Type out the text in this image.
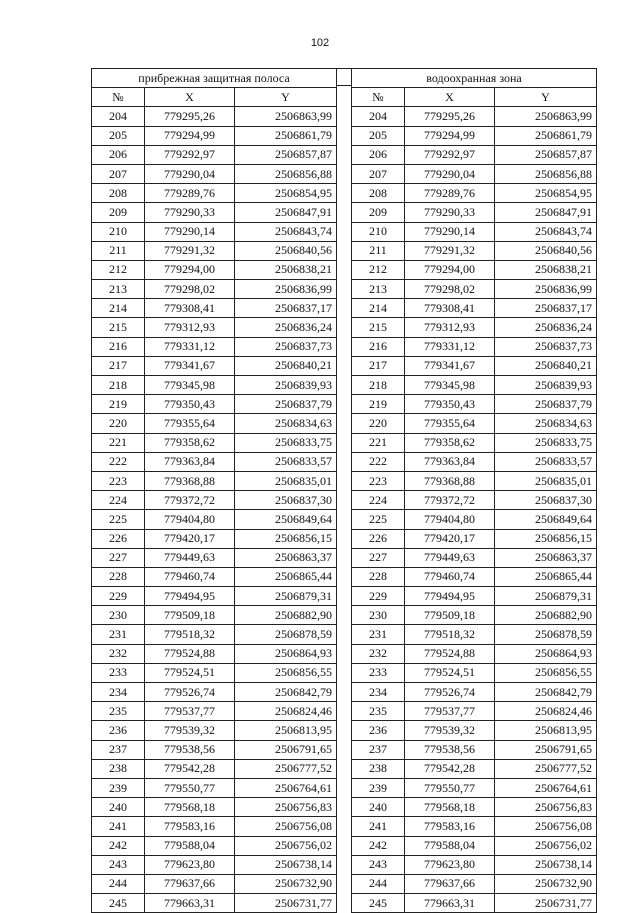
102
прибрежная защитная полоса		
№	X	Y
204	779295,26	2506863,99
205	779294,99	2506861,79
206	779292,97	2506857,87
207	779290,04	2506856,88
208	779289,76	2506854,95
209	779290,33	2506847,91
210	779290,14	2506843,74
211	779291,32	2506840,56
212	779294,00	2506838,21
213	779298,02	2506836,99
214	779308,41	2506837,17
215	779312,93	2506836,24
216	779331,12	2506837,73
217	779341,67	2506840,21
218	779345,98	2506839,93
219	779350,43	2506837,79
220	779355,64	2506834,63
221	779358,62	2506833,75
222	779363,84	2506833,57
223	779368,88	2506835,01
224	779372,72	2506837,30
225	779404,80	2506849,64
226	779420,17	2506856,15
227	779449,63	2506863,37
228	779460,74	2506865,44
229	779494,95	2506879,31
230	779509,18	2506882,90
231	779518,32	2506878,59
232	779524,88	2506864,93
233	779524,51	2506856,55
234	779526,74	2506842,79
235	779537,77	2506824,46
236	779539,32	2506813,95
237	779538,56	2506791,65
238	779542,28	2506777,52
239	779550,77	2506764,61
240	779568,18	2506756,83
241	779583,16	2506756,08
242	779588,04	2506756,02
243	779623,80	2506738,14
244	779637,66	2506732,90
245	779663,31	2506731,77
водоохранная зона		
№	X	Y
204	779295,26	2506863,99
205	779294,99	2506861,79
206	779292,97	2506857,87
207	779290,04	2506856,88
208	779289,76	2506854,95
209	779290,33	2506847,91
210	779290,14	2506843,74
211	779291,32	2506840,56
212	779294,00	2506838,21
213	779298,02	2506836,99
214	779308,41	2506837,17
215	779312,93	2506836,24
216	779331,12	2506837,73
217	779341,67	2506840,21
218	779345,98	2506839,93
219	779350,43	2506837,79
220	779355,64	2506834,63
221	779358,62	2506833,75
222	779363,84	2506833,57
223	779368,88	2506835,01
224	779372,72	2506837,30
225	779404,80	2506849,64
226	779420,17	2506856,15
227	779449,63	2506863,37
228	779460,74	2506865,44
229	779494,95	2506879,31
230	779509,18	2506882,90
231	779518,32	2506878,59
232	779524,88	2506864,93
233	779524,51	2506856,55
234	779526,74	2506842,79
235	779537,77	2506824,46
236	779539,32	2506813,95
237	779538,56	2506791,65
238	779542,28	2506777,52
239	779550,77	2506764,61
240	779568,18	2506756,83
241	779583,16	2506756,08
242	779588,04	2506756,02
243	779623,80	2506738,14
244	779637,66	2506732,90
245	779663,31	2506731,77
